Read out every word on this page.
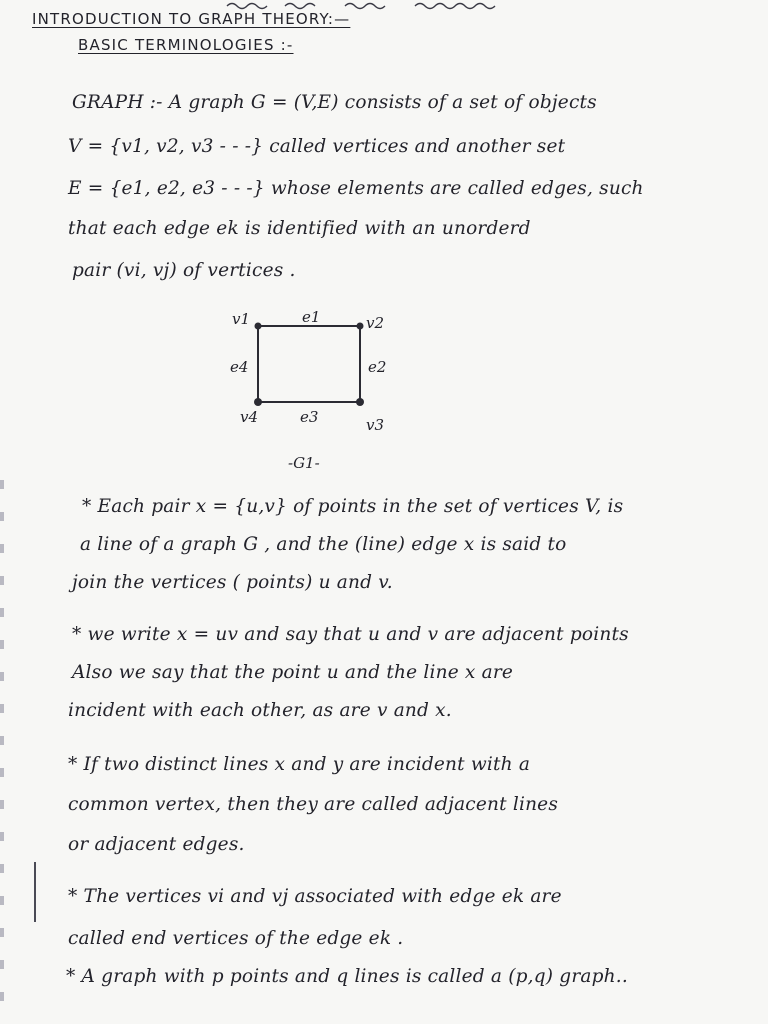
INTRODUCTION TO GRAPH THEORY:—
BASIC TERMINOLOGIES :-
GRAPH :- A graph G = (V,E) consists of a set of objects
V = {v1, v2, v3 - - -} called vertices and another set
E = {e1, e2, e3 - - -} whose elements are called edges, such
that each edge ek is identified with an unorderd
pair (vi, vj) of vertices .
v1	v2
v3
v4
e1
e2
e3
e4
-G1-
* Each pair x = {u,v} of points in the set of vertices V, is
a line of a graph G , and the (line) edge x is said to
join the vertices ( points) u and v.
* we write x = uv and say that u and v are adjacent points
Also we say that the point u and the line x are
incident with each other, as are v and x.
* If two distinct lines x and y are incident with a
common vertex, then they are called adjacent lines
or adjacent edges.
* The vertices vi and vj associated with edge ek are
called end vertices of the edge ek .
* A graph with p points and q lines is called a (p,q) graph..
